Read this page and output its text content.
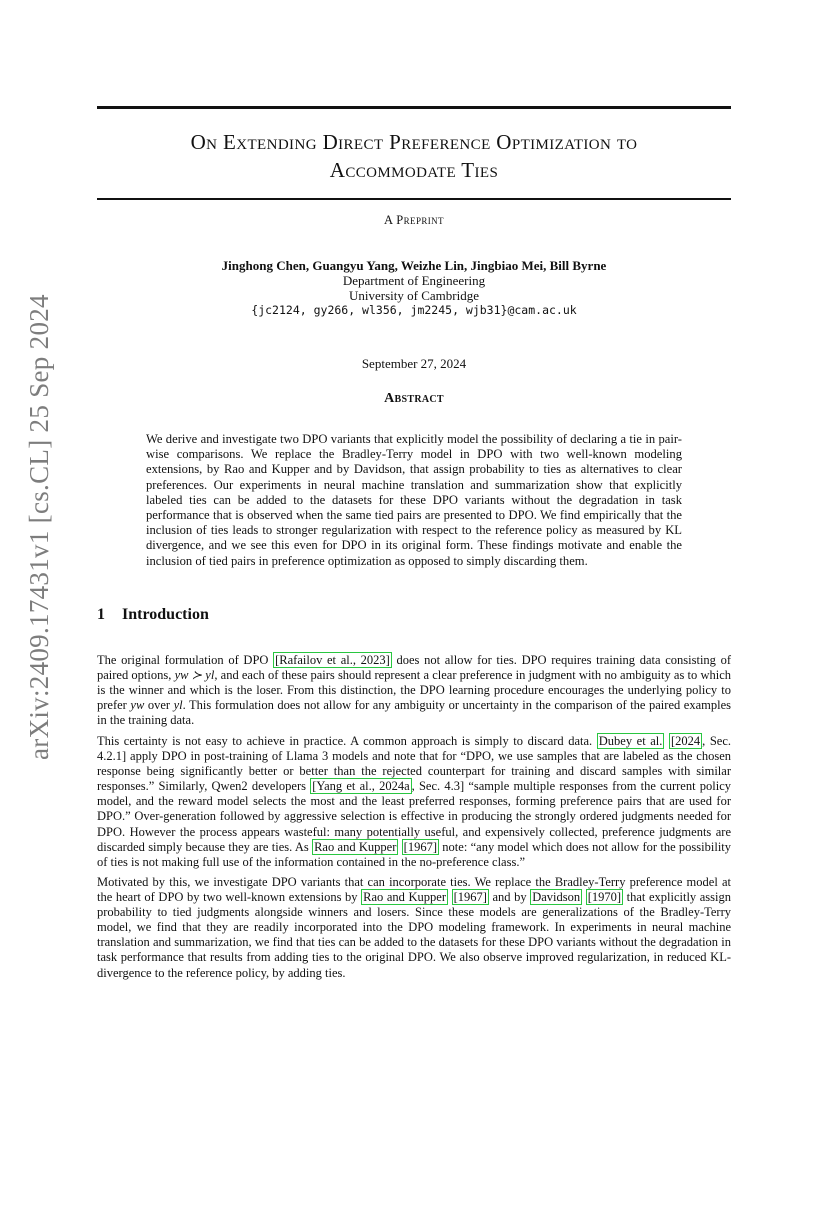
arXiv:2409.17431v1 [cs.CL] 25 Sep 2024
On Extending Direct Preference Optimization to
Accommodate Ties
A Preprint
Jinghong Chen, Guangyu Yang, Weizhe Lin, Jingbiao Mei, Bill Byrne
Department of Engineering
University of Cambridge
{jc2124, gy266, wl356, jm2245, wjb31}@cam.ac.uk
September 27, 2024
Abstract

We derive and investigate two DPO variants that explicitly model the possibility of declaring a tie in pair-wise comparisons. We replace the Bradley-Terry model in DPO with two well-known modeling extensions, by Rao and Kupper and by Davidson, that assign probability to ties as alternatives to clear preferences. Our experiments in neural machine translation and summarization show that explicitly labeled ties can be added to the datasets for these DPO variants without the degradation in task performance that is observed when the same tied pairs are presented to DPO. We find empirically that the inclusion of ties leads to stronger regularization with respect to the reference policy as measured by KL divergence, and we see this even for DPO in its original form. These findings motivate and enable the inclusion of tied pairs in preference optimization as opposed to simply discarding them.

1 Introduction

The original formulation of DPO [Rafailov et al., 2023] does not allow for ties. DPO requires training data consisting of paired options, yw ≻ yl, and each of these pairs should represent a clear preference in judgment with no ambiguity as to which is the winner and which is the loser. From this distinction, the DPO learning procedure encourages the underlying policy to prefer yw over yl. This formulation does not allow for any ambiguity or uncertainty in the comparison of the paired examples in the training data.

This certainty is not easy to achieve in practice. A common approach is simply to discard data. Dubey et al. [2024 , Sec. 4.2.1] apply DPO in post-training of Llama 3 models and note that for “DPO, we use samples that are labeled as the chosen response being significantly better or better than the rejected counterpart for training and discard samples with similar responses.” Similarly, Qwen2 developers [Yang et al., 2024a , Sec. 4.3] “sample multiple responses from the current policy model, and the reward model selects the most and the least preferred responses, forming preference pairs that are used for DPO.” Over-generation followed by aggressive selection is effective in producing the strongly ordered judgments needed for DPO. However the process appears wasteful: many potentially useful, and expensively collected, preference judgments are discarded simply because they are ties. As Rao and Kupper [1967] note: “any model which does not allow for the possibility of ties is not making full use of the information contained in the no-preference class.”

Motivated by this, we investigate DPO variants that can incorporate ties. We replace the Bradley-Terry preference model at the heart of DPO by two well-known extensions by Rao and Kupper [1967] and by Davidson [1970] that explicitly assign probability to tied judgments alongside winners and losers. Since these models are generalizations of the Bradley-Terry model, we find that they are readily incorporated into the DPO modeling framework. In experiments in neural machine translation and summarization, we find that ties can be added to the datasets for these DPO variants without the degradation in task performance that results from adding ties to the original DPO. We also observe improved regularization, in reduced KL-divergence to the reference policy, by adding ties.
